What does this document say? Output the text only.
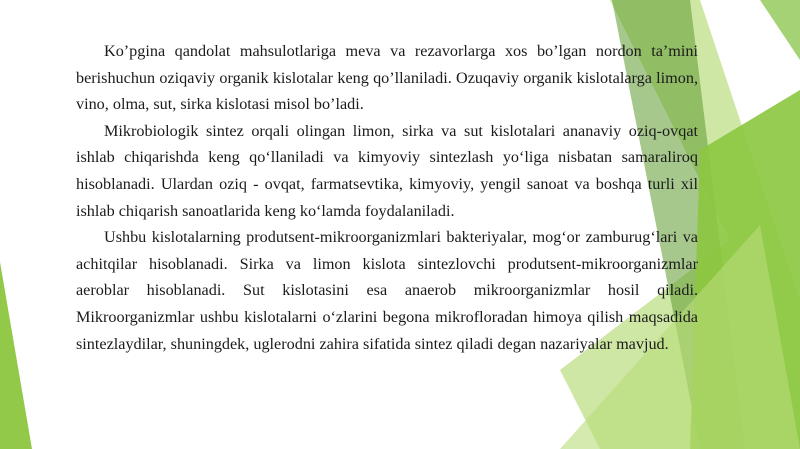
Ko’pgina qandolat mahsulotlariga meva va rezavorlarga xos bo’lgan nordon ta’mini berishuchun oziqaviy organik kislotalar keng qo’llaniladi. Ozuqaviy organik kislotalarga limon, vino, olma, sut, sirka kislotasi misol bo’ladi.

Mikrobiologik sintez orqali olingan limon, sirka va sut kislotalari ananaviy oziq-ovqat ishlab chiqarishda keng qo‘llaniladi va kimyoviy sintezlash yo‘liga nisbatan samaraliroq hisoblanadi. Ulardan oziq - ovqat, farmatsevtika, kimyoviy, yengil sanoat va boshqa turli xil ishlab chiqarish sanoatlarida keng ko‘lamda foydalaniladi.

Ushbu kislotalarning produtsent-mikroorganizmlari bakteriyalar, mog‘or zamburug‘lari va achitqilar hisoblanadi. Sirka va limon kislota sintezlovchi produtsent-mikroorganizmlar aeroblar hisoblanadi. Sut kislotasini esa anaerob mikroorganizmlar hosil qiladi. Mikroorganizmlar ushbu kislotalarni o‘zlarini begona mikrofloradan himoya qilish maqsadida sintezlaydilar, shuningdek, uglerodni zahira sifatida sintez qiladi degan nazariyalar mavjud.
